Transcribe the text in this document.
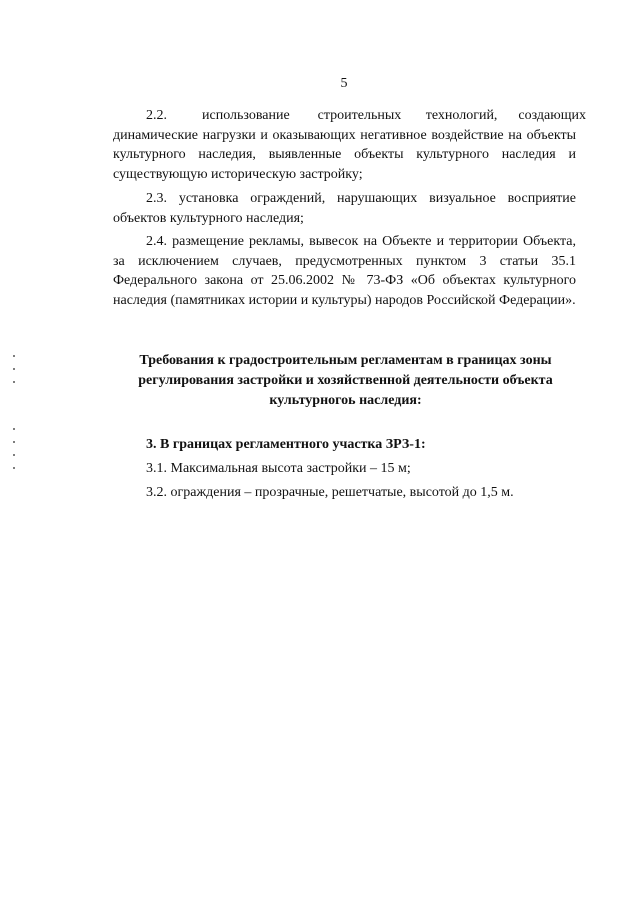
5
2.2.          использование        строительных       технологий,      создающих
динамические нагрузки и оказывающих негативное воздействие на объекты
культурного наследия, выявленные объекты культурного наследия и
существующую историческую застройку;
2.3. установка ограждений, нарушающих визуальное восприятие
объектов культурного наследия;
2.4. размещение рекламы, вывесок на Объекте и территории Объекта,
за исключением случаев, предусмотренных пунктом 3 статьи 35.1
Федерального закона от 25.06.2002 № 73-ФЗ «Об объектах культурного
наследия (памятниках истории и культуры) народов Российской Федерации».
Требования к градостроительным регламентам в границах зоны
регулирования застройки и хозяйственной деятельности объекта
культурногоь наследия:
3. В границах регламентного участка ЗРЗ-1:
3.1. Максимальная высота застройки – 15 м;
3.2. ограждения – прозрачные, решетчатые, высотой до 1,5 м.
